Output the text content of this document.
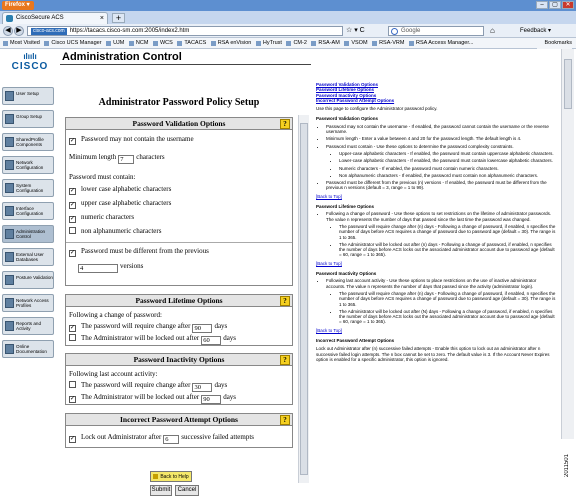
Firefox ▾	– ▢ ✕
CiscoSecure ACS	×	+
◀ ▶	cisco-acs.com https://tacacs.cisco-sm.com:2005/index2.htm	☆ ▾ C	Google	⌂	Feedback ▾
Most Visited Cisco UCS Manager UJM NCM WCS TACACS RSA enVision HyTrust CM-2 RSA-AM VSOM RSA-VRM RSA Access Manager...	Bookmarks
ılıılı
CISCO
Administration Control
User Setup
Group Setup
SharedProfile Components
Network Configuration
System Configuration
Interface Configuration
Administration Control
External User Databases
Posture Validation
Network Access Profiles
Reports and Activity
Online Documentation
Administrator Password Policy Setup
Password Validation Options	?
✓ Password may not contain the username
Minimum length 7 characters
Password must contain:
✓ lower case alphabetic characters
✓ upper case alphabetic characters
✓ numeric characters
non alphanumeric characters
✓ Password must be different from the previous
4	versions
Password Lifetime Options	?
Following a change of password:
✓ The password will require change after 90 days
The Administrator will be locked out after 60 days
Password Inactivity Options	?
Following last account activity:
The password will require change after 30 days
✓ The Administrator will be locked out after 90 days
Incorrect Password Attempt Options	?
✓ Lock out Administrator after 6 successive failed attempts
Back to Help
Submit	Cancel
Password Validation Options
Password Lifetime Options
Password Inactivity Options
Incorrect Password Attempt Options

Use this page to configure the Administrator password policy.

Password Validation Options
• Password may not contain the username - If enabled, the password cannot contain the username or the reverse username.
• Minimum length - Enter a value between 4 and 20 for the password length. The default length is 4.
• Password must contain - Use these options to determine the password complexity constraints.
• Upper-case alphabetic characters - If enabled, the password must contain uppercase alphabetic characters.
• Lower-case alphabetic characters - If enabled, the password must contain lowercase alphabetic characters.
• Numeric characters - If enabled, the password must contain numeric characters.
• Non alphanumeric characters - If enabled, the password must contain non alphanumeric characters.
• Password must be different from the previous (n) versions - If enabled, the password must be different from the previous n versions (default = 3, range = 1 to 99).

[Back to Top]

Password Lifetime Options
• Following a change of password - Use these options to set restrictions on the lifetime of administrator passwords. The value n represents the number of days that passed since the last time the password was changed.
• The password will require change after (n) days - Following a change of password, if enabled, n specifies the number of days before ACS requires a change of password due to password age (default = 30). The range is 1 to 365.
• The Administrator will be locked out after (n) days - Following a change of password, if enabled, n specifies the number of days before ACS locks out the associated administrator account due to password age (default = 60, range = 1 to 365).

[Back to Top]

Password Inactivity Options
• Following last account activity - Use these options to place restrictions on the use of inactive administrator accounts. The value n represents the number of days that passed since the activity (administrator login).
• The password will require change after (n) days - Following a change of password, if enabled, n specifies the number of days before ACS requires a change of password due to password age (default = 30). The range is 1 to 365.
• The Administrator will be locked out after (N) days - Following a change of password, if enabled, n specifies the number of days before ACS locks out the associated administrator account due to password age (default = 60, range = 1 to 365).

[Back to Top]

Incorrect Password Attempt Options

Lock out Administrator after (n) successive failed attempts - Enable this option to lock out an administrator after n successive failed login attempts. The n box cannot be set to zero. The default value is 3. If the Account Never Expires option is enabled for a specific administrator, this option is ignored.

2011501
